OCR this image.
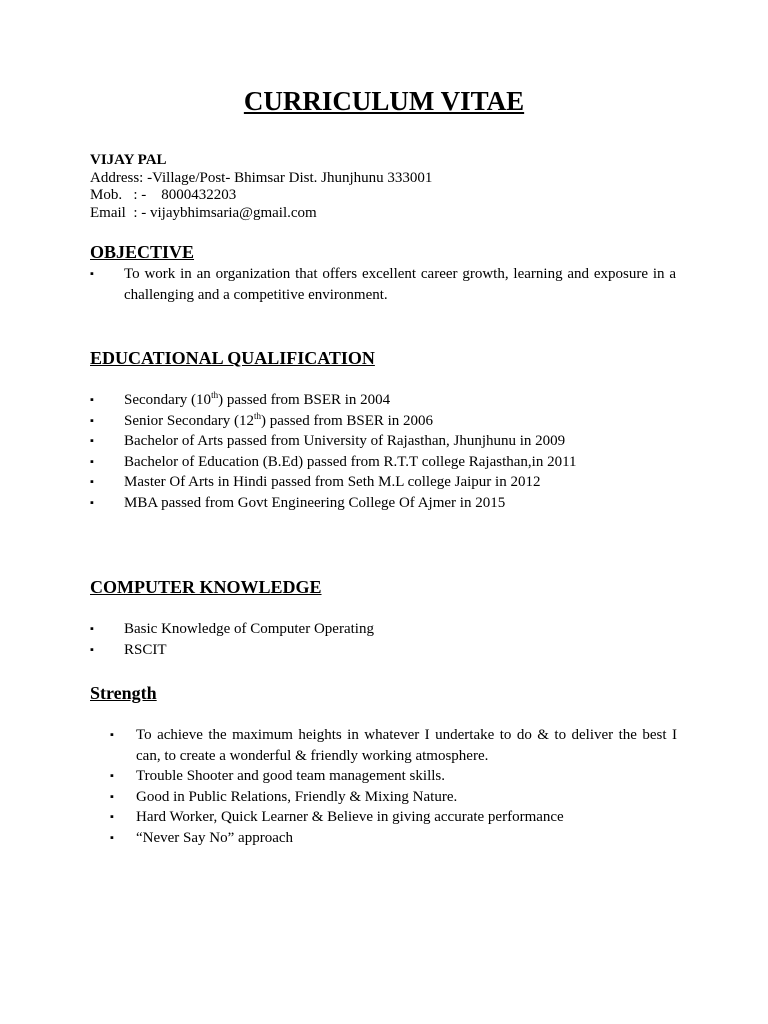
CURRICULUM VITAE
VIJAY PAL
Address: -Village/Post- Bhimsar Dist. Jhunjhunu 333001
Mob.   : - 8000432203
Email  : - vijaybhimsaria@gmail.com
OBJECTIVE
▪ To work in an organization that offers excellent career growth, learning and exposure in a challenging and a competitive environment.
EDUCATIONAL QUALIFICATION
▪ Secondary (10th) passed from BSER in 2004
▪ Senior Secondary (12th) passed from BSER in 2006
▪ Bachelor of Arts passed from University of Rajasthan, Jhunjhunu in 2009
▪ Bachelor of Education (B.Ed) passed from R.T.T college Rajasthan,in 2011
▪ Master Of Arts in Hindi passed from Seth M.L college Jaipur in 2012
▪ MBA passed from Govt Engineering College Of Ajmer in 2015
COMPUTER KNOWLEDGE
▪ Basic Knowledge of Computer Operating
▪ RSCIT
Strength
▪ To achieve the maximum heights in whatever I undertake to do & to deliver the best I can, to create a wonderful & friendly working atmosphere.
▪ Trouble Shooter and good team management skills.
▪ Good in Public Relations, Friendly & Mixing Nature.
▪ Hard Worker, Quick Learner & Believe in giving accurate performance
▪ “Never Say No” approach
